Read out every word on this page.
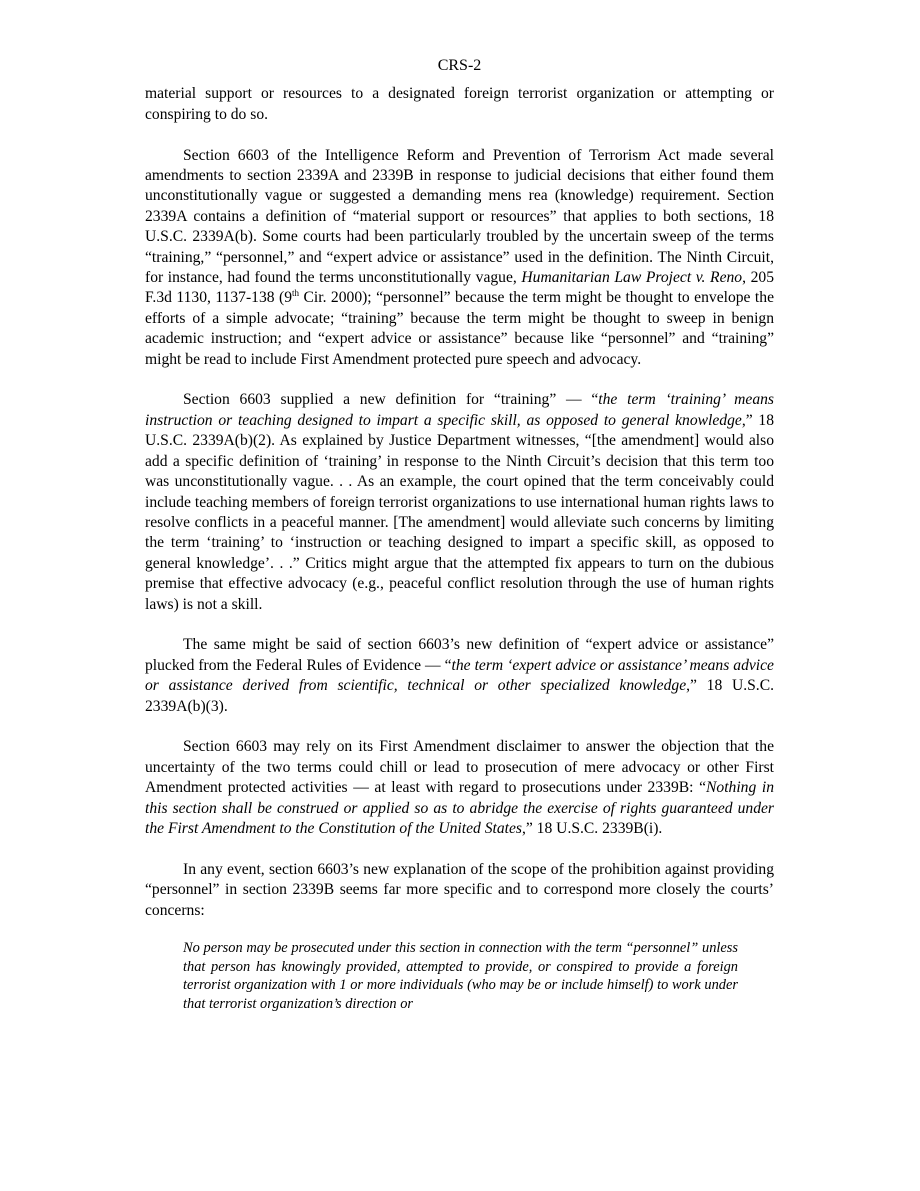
CRS-2

material support or resources to a designated foreign terrorist organization or attempting or conspiring to do so.

Section 6603 of the Intelligence Reform and Prevention of Terrorism Act made several amendments to section 2339A and 2339B in response to judicial decisions that either found them unconstitutionally vague or suggested a demanding mens rea (knowledge) requirement. Section 2339A contains a definition of “material support or resources” that applies to both sections, 18 U.S.C. 2339A(b). Some courts had been particularly troubled by the uncertain sweep of the terms “training,” “personnel,” and “expert advice or assistance” used in the definition. The Ninth Circuit, for instance, had found the terms unconstitutionally vague, Humanitarian Law Project v. Reno, 205 F.3d 1130, 1137-138 (9th Cir. 2000); “personnel” because the term might be thought to envelope the efforts of a simple advocate; “training” because the term might be thought to sweep in benign academic instruction; and “expert advice or assistance” because like “personnel” and “training” might be read to include First Amendment protected pure speech and advocacy.

Section 6603 supplied a new definition for “training” — “the term ‘training’ means instruction or teaching designed to impart a specific skill, as opposed to general knowledge,” 18 U.S.C. 2339A(b)(2). As explained by Justice Department witnesses, “[the amendment] would also add a specific definition of ‘training’ in response to the Ninth Circuit’s decision that this term too was unconstitutionally vague. . . As an example, the court opined that the term conceivably could include teaching members of foreign terrorist organizations to use international human rights laws to resolve conflicts in a peaceful manner. [The amendment] would alleviate such concerns by limiting the term ‘training’ to ‘instruction or teaching designed to impart a specific skill, as opposed to general knowledge’. . .” Critics might argue that the attempted fix appears to turn on the dubious premise that effective advocacy (e.g., peaceful conflict resolution through the use of human rights laws) is not a skill.

The same might be said of section 6603’s new definition of “expert advice or assistance” plucked from the Federal Rules of Evidence — “the term ‘expert advice or assistance’ means advice or assistance derived from scientific, technical or other specialized knowledge,” 18 U.S.C. 2339A(b)(3).

Section 6603 may rely on its First Amendment disclaimer to answer the objection that the uncertainty of the two terms could chill or lead to prosecution of mere advocacy or other First Amendment protected activities — at least with regard to prosecutions under 2339B: “Nothing in this section shall be construed or applied so as to abridge the exercise of rights guaranteed under the First Amendment to the Constitution of the United States,” 18 U.S.C. 2339B(i).

In any event, section 6603’s new explanation of the scope of the prohibition against providing “personnel” in section 2339B seems far more specific and to correspond more closely the courts’ concerns:

No person may be prosecuted under this section in connection with the term “personnel” unless that person has knowingly provided, attempted to provide, or conspired to provide a foreign terrorist organization with 1 or more individuals (who may be or include himself) to work under that terrorist organization’s direction or
